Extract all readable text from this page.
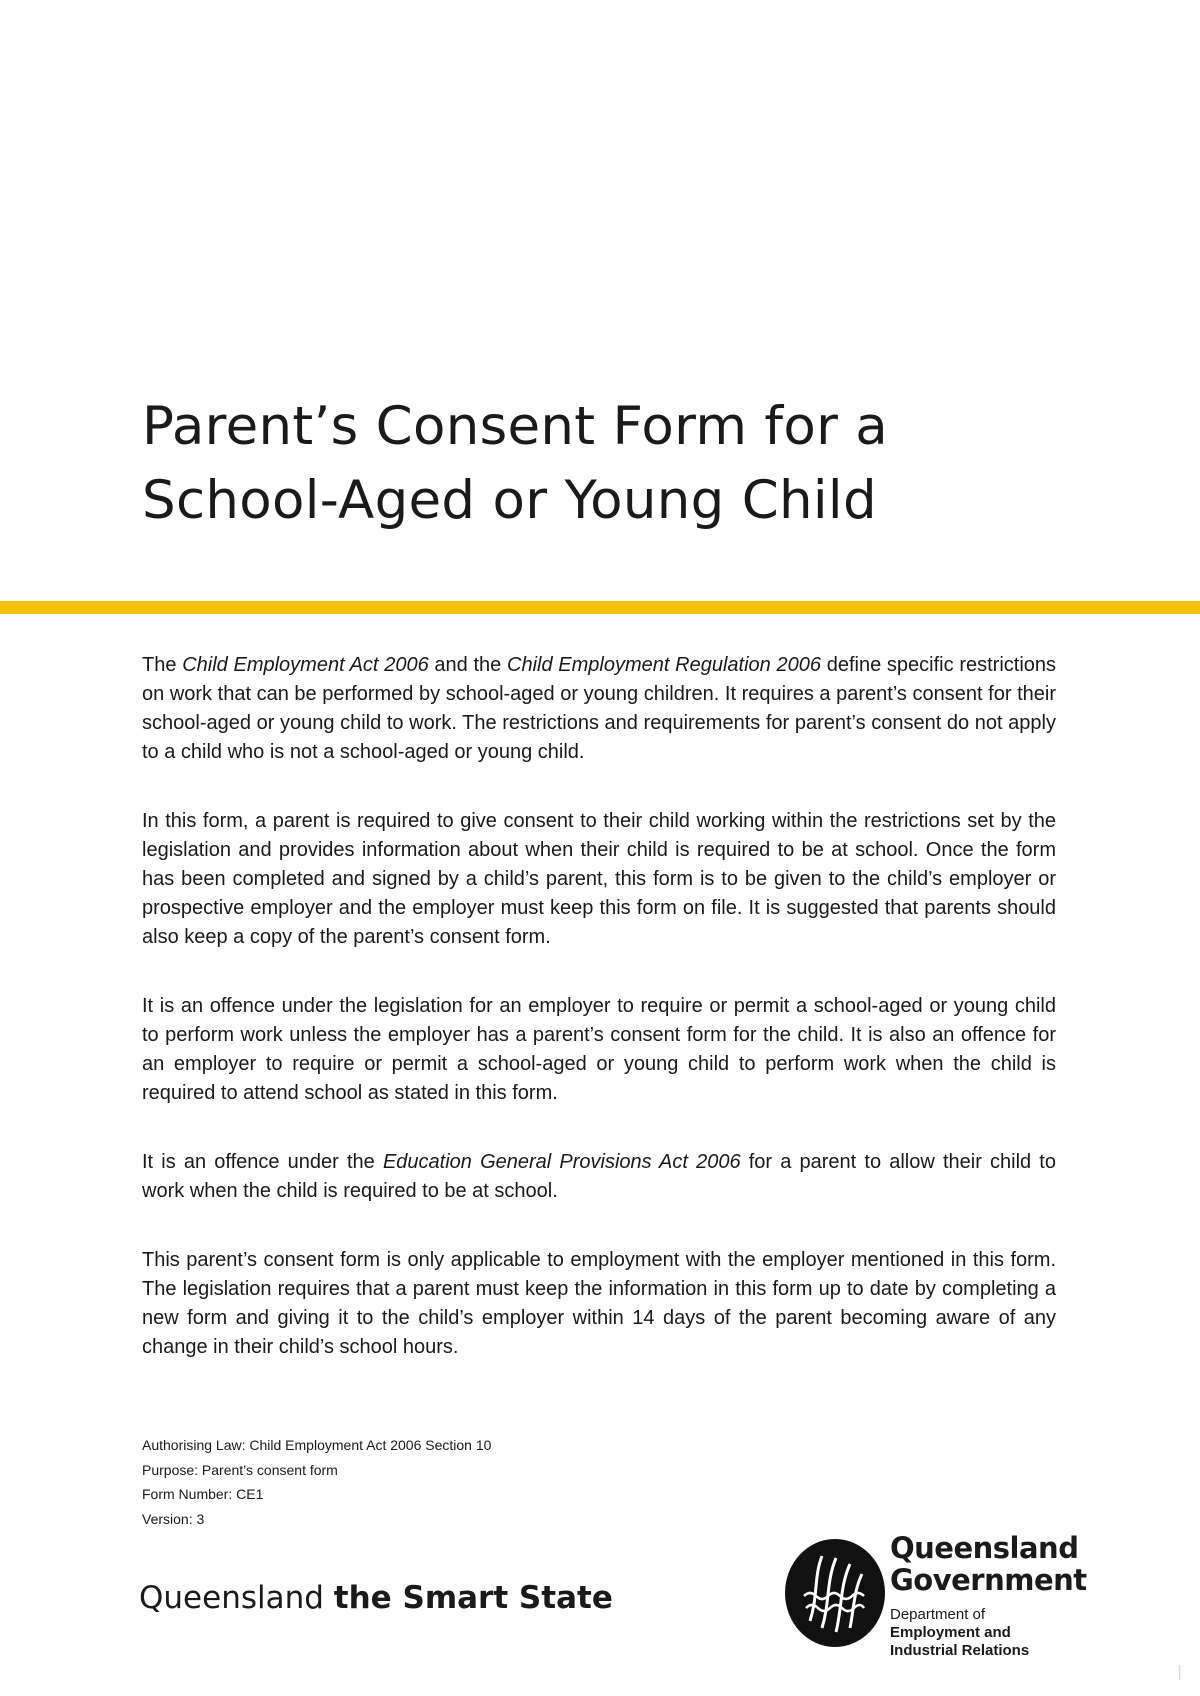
Parent’s Consent Form for a
School-Aged or Young Child

The Child Employment Act 2006 and the Child Employment Regulation 2006 define specific restrictions on work that can be performed by school-aged or young children. It requires a parent’s consent for their school-aged or young child to work. The restrictions and requirements for parent’s consent do not apply to a child who is not a school-aged or young child.

In this form, a parent is required to give consent to their child working within the restrictions set by the legislation and provides information about when their child is required to be at school. Once the form has been completed and signed by a child’s parent, this form is to be given to the child’s employer or prospective employer and the employer must keep this form on file. It is suggested that parents should also keep a copy of the parent’s consent form.

It is an offence under the legislation for an employer to require or permit a school-aged or young child to perform work unless the employer has a parent’s consent form for the child. It is also an offence for an employer to require or permit a school-aged or young child to perform work when the child is required to attend school as stated in this form.

It is an offence under the Education General Provisions Act 2006 for a parent to allow their child to work when the child is required to be at school.

This parent’s consent form is only applicable to employment with the employer mentioned in this form. The legislation requires that a parent must keep the information in this form up to date by completing a new form and giving it to the child’s employer within 14 days of the parent becoming aware of any change in their child’s school hours.

Authorising Law: Child Employment Act 2006 Section 10
Purpose: Parent’s consent form
Form Number: CE1
Version: 3
Queensland the Smart State
Queensland
Government
Department of
Employment and
Industrial Relations
•••••••
